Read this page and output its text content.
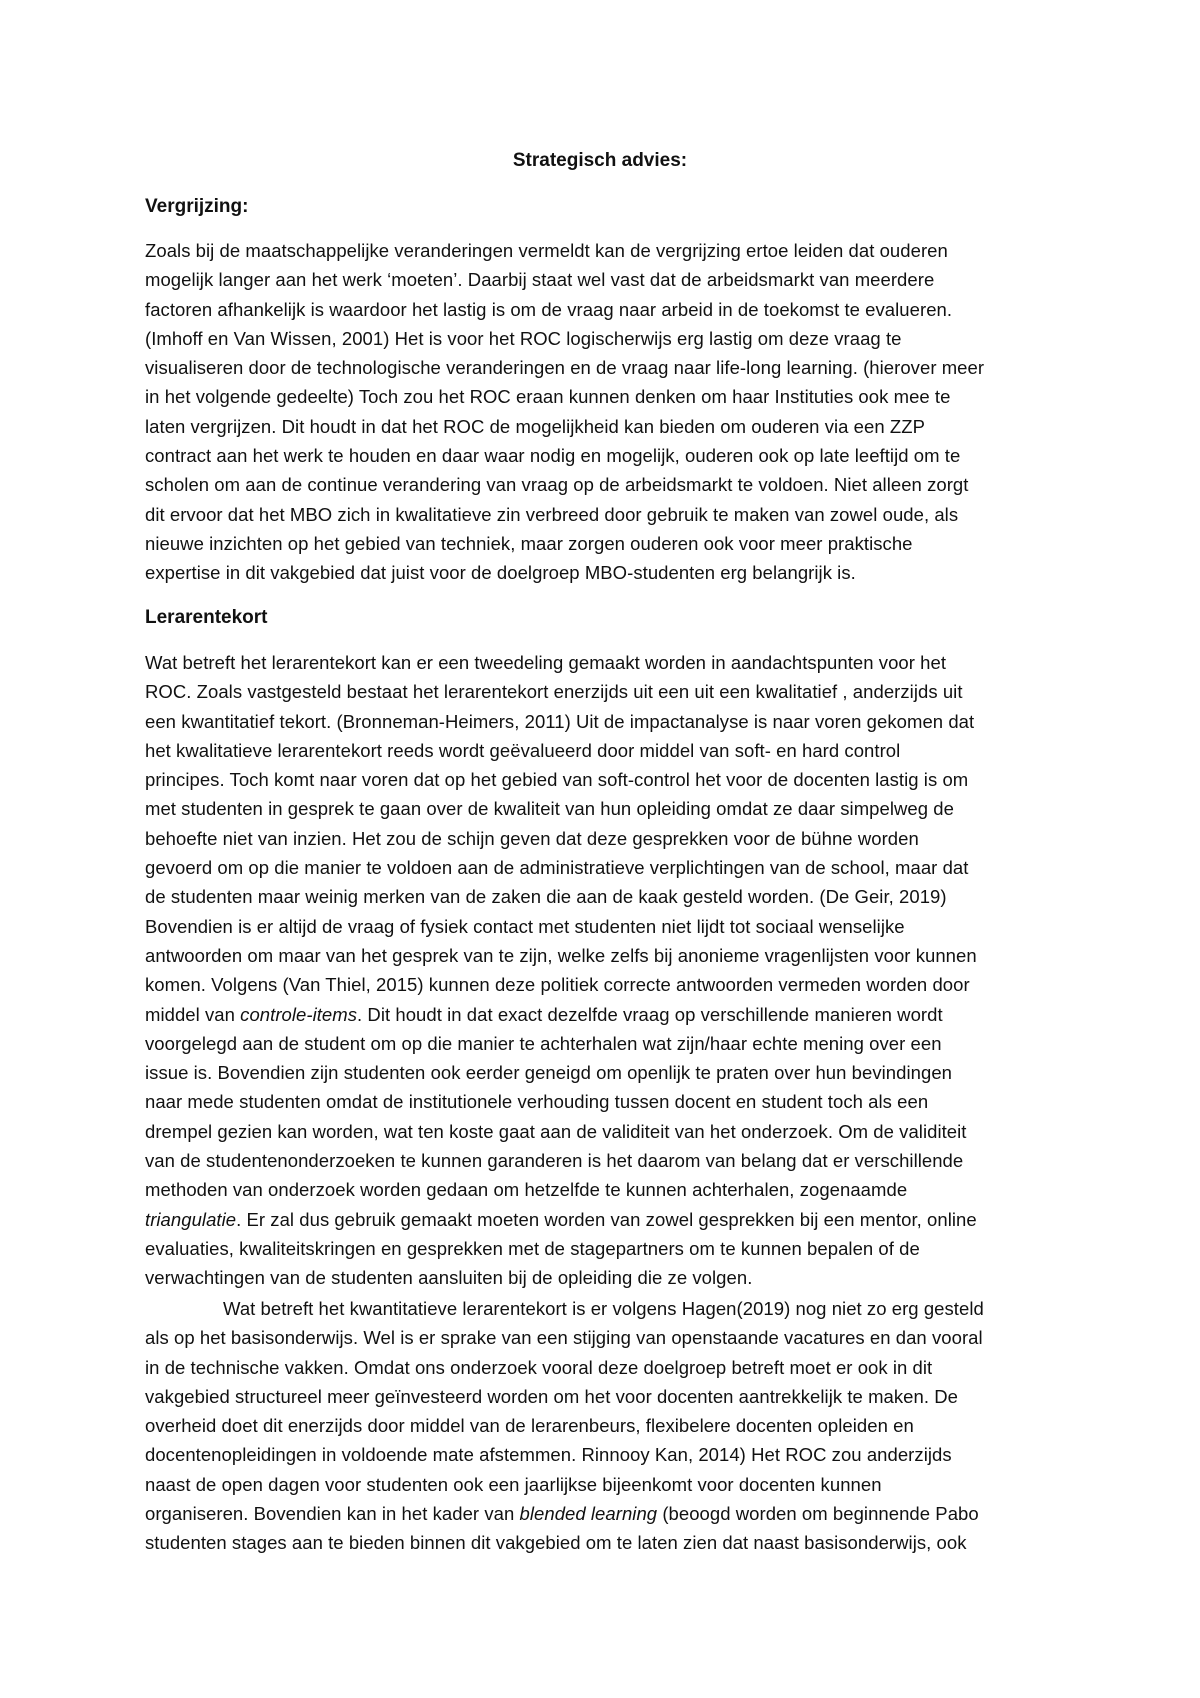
Strategisch advies:
Vergrijzing:

Zoals bij de maatschappelijke veranderingen vermeldt kan de vergrijzing ertoe leiden dat ouderen
mogelijk langer aan het werk ‘moeten’. Daarbij staat wel vast dat de arbeidsmarkt van meerdere
factoren afhankelijk is waardoor het lastig is om de vraag naar arbeid in de toekomst te evalueren.
(Imhoff en Van Wissen, 2001) Het is voor het ROC logischerwijs erg lastig om deze vraag te
visualiseren door de technologische veranderingen en de vraag naar life-long learning. (hierover meer
in het volgende gedeelte) Toch zou het ROC eraan kunnen denken om haar Instituties ook mee te
laten vergrijzen. Dit houdt in dat het ROC de mogelijkheid kan bieden om ouderen via een ZZP
contract aan het werk te houden en daar waar nodig en mogelijk, ouderen ook op late leeftijd om te
scholen om aan de continue verandering van vraag op de arbeidsmarkt te voldoen. Niet alleen zorgt
dit ervoor dat het MBO zich in kwalitatieve zin verbreed door gebruik te maken van zowel oude, als
nieuwe inzichten op het gebied van techniek, maar zorgen ouderen ook voor meer praktische
expertise in dit vakgebied dat juist voor de doelgroep MBO-studenten erg belangrijk is.

Lerarentekort

Wat betreft het lerarentekort kan er een tweedeling gemaakt worden in aandachtspunten voor het
ROC. Zoals vastgesteld bestaat het lerarentekort enerzijds uit een uit een kwalitatief , anderzijds uit
een kwantitatief tekort. (Bronneman-Heimers, 2011) Uit de impactanalyse is naar voren gekomen dat
het kwalitatieve lerarentekort reeds wordt geëvalueerd door middel van soft- en hard control
principes. Toch komt naar voren dat op het gebied van soft-control het voor de docenten lastig is om
met studenten in gesprek te gaan over de kwaliteit van hun opleiding omdat ze daar simpelweg de
behoefte niet van inzien. Het zou de schijn geven dat deze gesprekken voor de bühne worden
gevoerd om op die manier te voldoen aan de administratieve verplichtingen van de school, maar dat
de studenten maar weinig merken van de zaken die aan de kaak gesteld worden. (De Geir, 2019)
Bovendien is er altijd de vraag of fysiek contact met studenten niet lijdt tot sociaal wenselijke
antwoorden om maar van het gesprek van te zijn, welke zelfs bij anonieme vragenlijsten voor kunnen
komen. Volgens (Van Thiel, 2015) kunnen deze politiek correcte antwoorden vermeden worden door
middel van controle-items. Dit houdt in dat exact dezelfde vraag op verschillende manieren wordt
voorgelegd aan de student om op die manier te achterhalen wat zijn/haar echte mening over een
issue is. Bovendien zijn studenten ook eerder geneigd om openlijk te praten over hun bevindingen
naar mede studenten omdat de institutionele verhouding tussen docent en student toch als een
drempel gezien kan worden, wat ten koste gaat aan de validiteit van het onderzoek. Om de validiteit
van de studentenonderzoeken te kunnen garanderen is het daarom van belang dat er verschillende
methoden van onderzoek worden gedaan om hetzelfde te kunnen achterhalen, zogenaamde
triangulatie. Er zal dus gebruik gemaakt moeten worden van zowel gesprekken bij een mentor, online
evaluaties, kwaliteitskringen en gesprekken met de stagepartners om te kunnen bepalen of de
verwachtingen van de studenten aansluiten bij de opleiding die ze volgen.

Wat betreft het kwantitatieve lerarentekort is er volgens Hagen(2019) nog niet zo erg gesteld
als op het basisonderwijs. Wel is er sprake van een stijging van openstaande vacatures en dan vooral
in de technische vakken. Omdat ons onderzoek vooral deze doelgroep betreft moet er ook in dit
vakgebied structureel meer geïnvesteerd worden om het voor docenten aantrekkelijk te maken. De
overheid doet dit enerzijds door middel van de lerarenbeurs, flexibelere docenten opleiden en
docentenopleidingen in voldoende mate afstemmen. Rinnooy Kan, 2014) Het ROC zou anderzijds
naast de open dagen voor studenten ook een jaarlijkse bijeenkomt voor docenten kunnen
organiseren. Bovendien kan in het kader van blended learning (beoogd worden om beginnende Pabo
studenten stages aan te bieden binnen dit vakgebied om te laten zien dat naast basisonderwijs, ook
